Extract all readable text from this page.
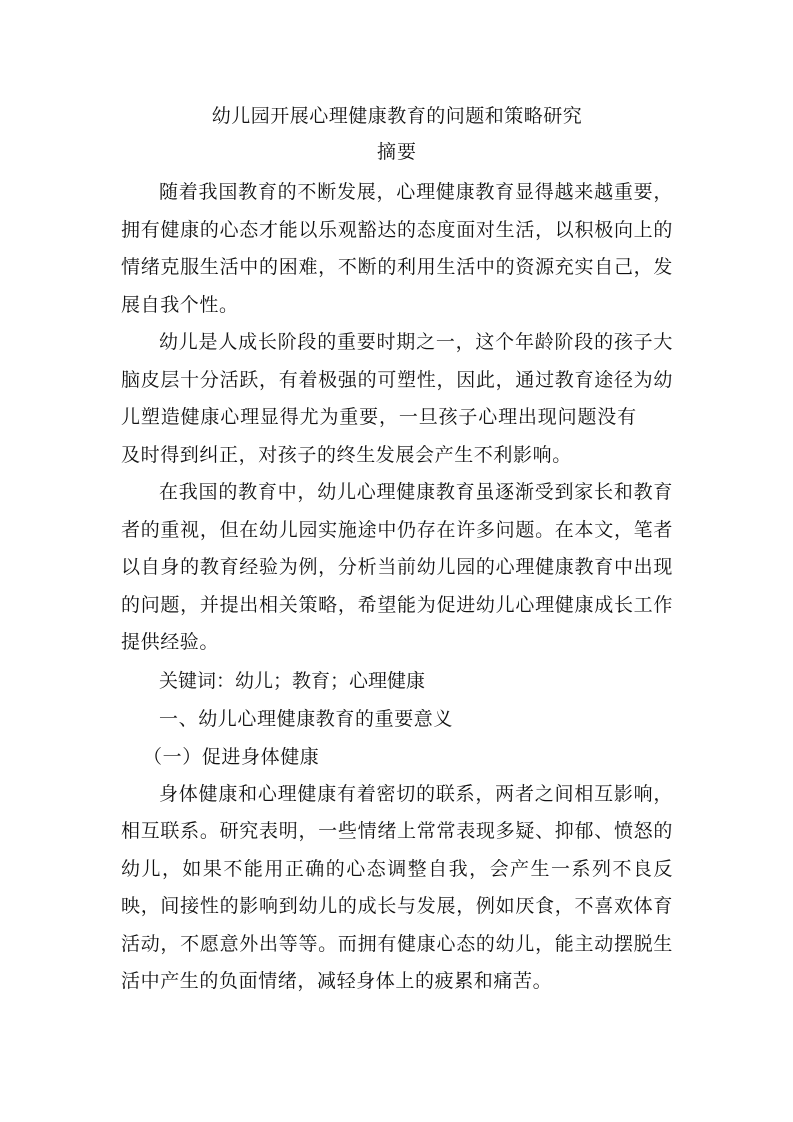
幼儿园开展心理健康教育的问题和策略研究
摘要

随着我国教育的不断发展，心理健康教育显得越来越重要，拥有健康的心态才能以乐观豁达的态度面对生活，以积极向上的情绪克服生活中的困难，不断的利用生活中的资源充实自己，发展自我个性。

幼儿是人成长阶段的重要时期之一，这个年龄阶段的孩子大脑皮层十分活跃，有着极强的可塑性，因此，通过教育途径为幼儿塑造健康心理显得尤为重要，一旦孩子心理出现问题没有及时得到纠正，对孩子的终生发展会产生不利影响。

在我国的教育中，幼儿心理健康教育虽逐渐受到家长和教育者的重视，但在幼儿园实施途中仍存在许多问题。在本文，笔者以自身的教育经验为例，分析当前幼儿园的心理健康教育中出现的问题，并提出相关策略，希望能为促进幼儿心理健康成长工作提供经验。

关键词：幼儿；教育；心理健康

一、幼儿心理健康教育的重要意义

（一）促进身体健康

身体健康和心理健康有着密切的联系，两者之间相互影响，相互联系。研究表明，一些情绪上常常表现多疑、抑郁、愤怒的幼儿，如果不能用正确的心态调整自我，会产生一系列不良反映，间接性的影响到幼儿的成长与发展，例如厌食，不喜欢体育活动，不愿意外出等等。而拥有健康心态的幼儿，能主动摆脱生活中产生的负面情绪，减轻身体上的疲累和痛苦。
